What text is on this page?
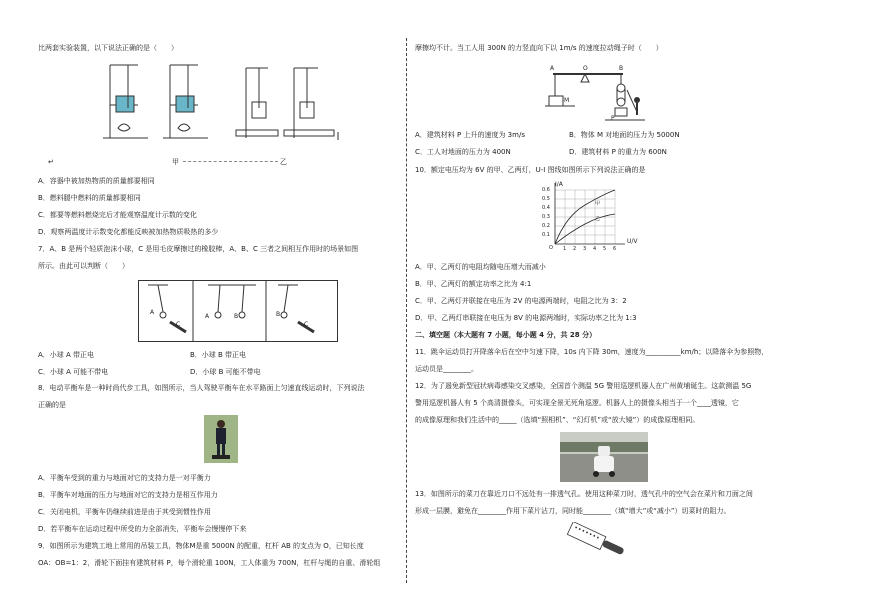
比两套实验装置，以下说法正确的是（　　）
↵	甲	乙
A．容器中被加热物质的质量都要相同
B．燃料腿中燃料的质量都要相同
C．都要等燃料燃烧完后才能观察温度计示数的变化
D．观察两温度计示数变化都能反映被加热物质吸热的多少
7．A、B 是两个轻质泡沫小球，C 是用毛皮摩擦过的橡胶棒，A、B、C 三者之间相互作用时的场景如图
所示。由此可以判断（　　）
A
C
A	B	B
C
A．小球 A 带正电	B．小球 B 带正电
C．小球 A 可能不带电	D．小球 B 可能不带电
8．电动平衡车是一种时尚代步工具，如图所示，当人驾驶平衡车在水平路面上匀速直线运动时，下列说法
正确的是
A．平衡车受到的重力与地面对它的支持力是一对平衡力
B．平衡车对地面的压力与地面对它的支持力是相互作用力
C．关闭电机，平衡车仍继续前进是由于其受到惯性作用
D．若平衡车在运动过程中所受的力全部消失，平衡车会慢慢停下来
9．如图所示为建筑工地上常用的吊装工具，物体M是重 5000N 的配重，杠杆 AB 的支点为 O，已知长度
OA：OB=1：2，滑轮下面挂有建筑材料 P，每个滑轮重 100N，工人体重为 700N，杠杆与绳的自重、滑轮组
摩擦均不计。当工人用 300N 的力竖直向下以 1m/s 的速度拉动绳子时（　　）
A	O	B
M
P
A．建筑材料 P 上升的速度为 3m/s	B．物体 M 对地面的压力为 5000N
C．工人对地面的压力为 400N	D．建筑材料 P 的重力为 600N
10．额定电压均为 6V 的甲、乙两灯，U-I 图线如图所示下列说法正确的是
I/A
U/V
0.6
0.5
0.4
0.3
0.2
0.1
O 1 2 3 4 5 6
甲
乙
A．甲、乙两灯的电阻均随电压增大而减小
B．甲、乙两灯的额定功率之比为 4:1
C．甲、乙两灯并联接在电压为 2V 的电源两端时，电阻之比为 3：2
D．甲、乙两灯串联接在电压为 8V 的电源两端时，实际功率之比为 1:3
二、填空题（本大题有 7 小题，每小题 4 分，共 28 分）
11．跳伞运动员打开降落伞后在空中匀速下降，10s 内下降 30m，速度为__________km/h；以降落伞为参照物，
运动员是________。
12．为了遏免新型冠状病毒感染交叉感染，全国首个测温 5G 警用巡逻机器人在广州黄埔诞生。这款测温 5G
警用巡逻机器人有 5 个高清摄像头，可实现全景无死角巡逻。机器人上的摄像头相当于一个____透镜，它
的成像原理和我们生活中的_____（选填“照相机”、“幻灯机”或“放大镜”）的成像原理相同。
13．如图所示的菜刀在靠近刀口不远处有一排透气孔。使用这种菜刀时，透气孔中的空气会在菜片和刀面之间
形成一层膜，避免在________作用下菜片沾刀，同时能________（填“增大”或“减小”）切菜时的阻力。
